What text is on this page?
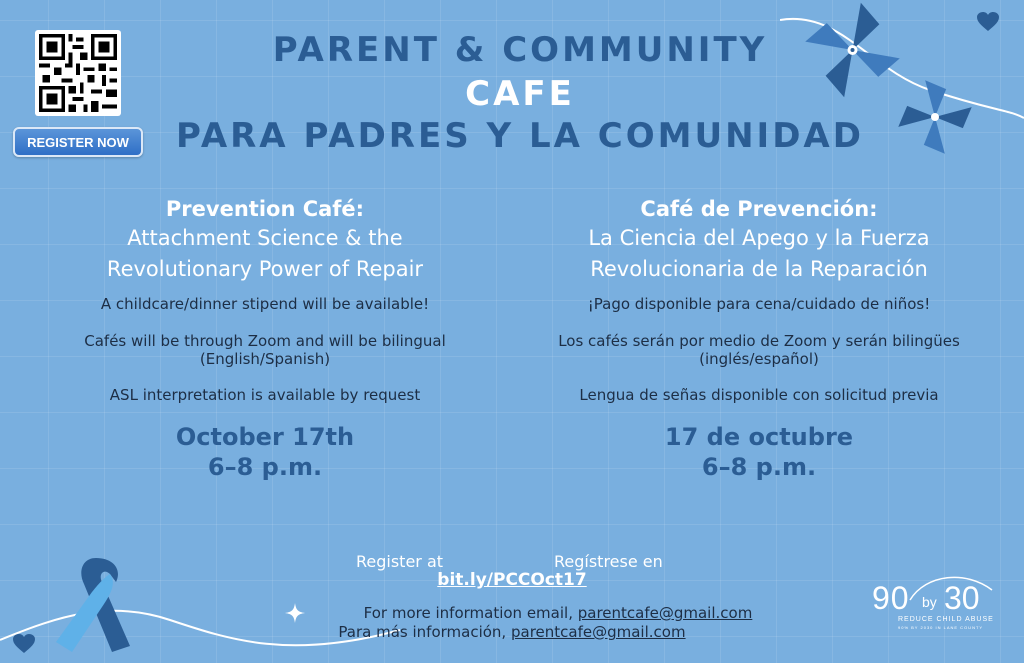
REGISTER NOW
PARENT & COMMUNITY
CAFE
PARA PADRES Y LA COMUNIDAD

Prevention Café:

Attachment Science & the

Revolutionary Power of Repair

A childcare/dinner stipend will be available!

Cafés will be through Zoom and will be bilingual

(English/Spanish)

ASL interpretation is available by request

October 17th

6–8 p.m.

Café de Prevención:

La Ciencia del Apego y la Fuerza

Revolucionaria de la Reparación

¡Pago disponible para cena/cuidado de niños!

Los cafés serán por medio de Zoom y serán bilingües

(inglés/español)

Lengua de señas disponible con solicitud previa

17 de octubre

6–8 p.m.

Register at	Regístrese en

bit.ly/PCCOct17

For more information email, parentcafe@gmail.com
Para más información, parentcafe@gmail.com
90 by 30
REDUCE CHILD ABUSE
90% BY 2030 IN LANE COUNTY
